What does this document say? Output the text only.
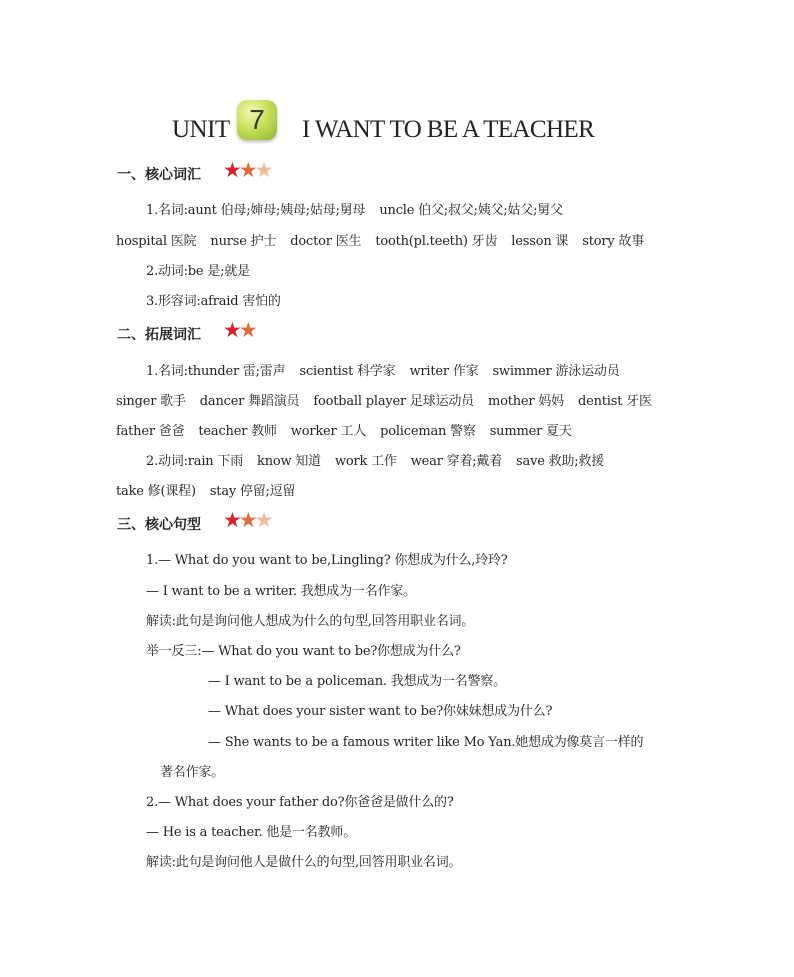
UNIT 7	I WANT TO BE A TEACHER
一、核心词汇 ★★★
1.名词:aunt 伯母;婶母;姨母;姑母;舅母 uncle 伯父;叔父;姨父;姑父;舅父
hospital 医院 nurse 护士 doctor 医生 tooth(pl.teeth) 牙齿 lesson 课 story 故事
2.动词:be 是;就是
3.形容词:afraid 害怕的
二、拓展词汇 ★★
1.名词:thunder 雷;雷声 scientist 科学家 writer 作家 swimmer 游泳运动员
singer 歌手 dancer 舞蹈演员 football player 足球运动员 mother 妈妈 dentist 牙医
father 爸爸 teacher 教师 worker 工人 policeman 警察 summer 夏天
2.动词:rain 下雨 know 知道 work 工作 wear 穿着;戴着 save 救助;救援
take 修(课程) stay 停留;逗留
三、核心句型 ★★★
1.— What do you want to be,Lingling? 你想成为什么,玲玲?
— I want to be a writer. 我想成为一名作家。
解读:此句是询问他人想成为什么的句型,回答用职业名词。
举一反三:— What do you want to be?你想成为什么?
— I want to be a policeman. 我想成为一名警察。
— What does your sister want to be?你妹妹想成为什么?
— She wants to be a famous writer like Mo Yan.她想成为像莫言一样的
著名作家。
2.— What does your father do?你爸爸是做什么的?
— He is a teacher. 他是一名教师。
解读:此句是询问他人是做什么的句型,回答用职业名词。
